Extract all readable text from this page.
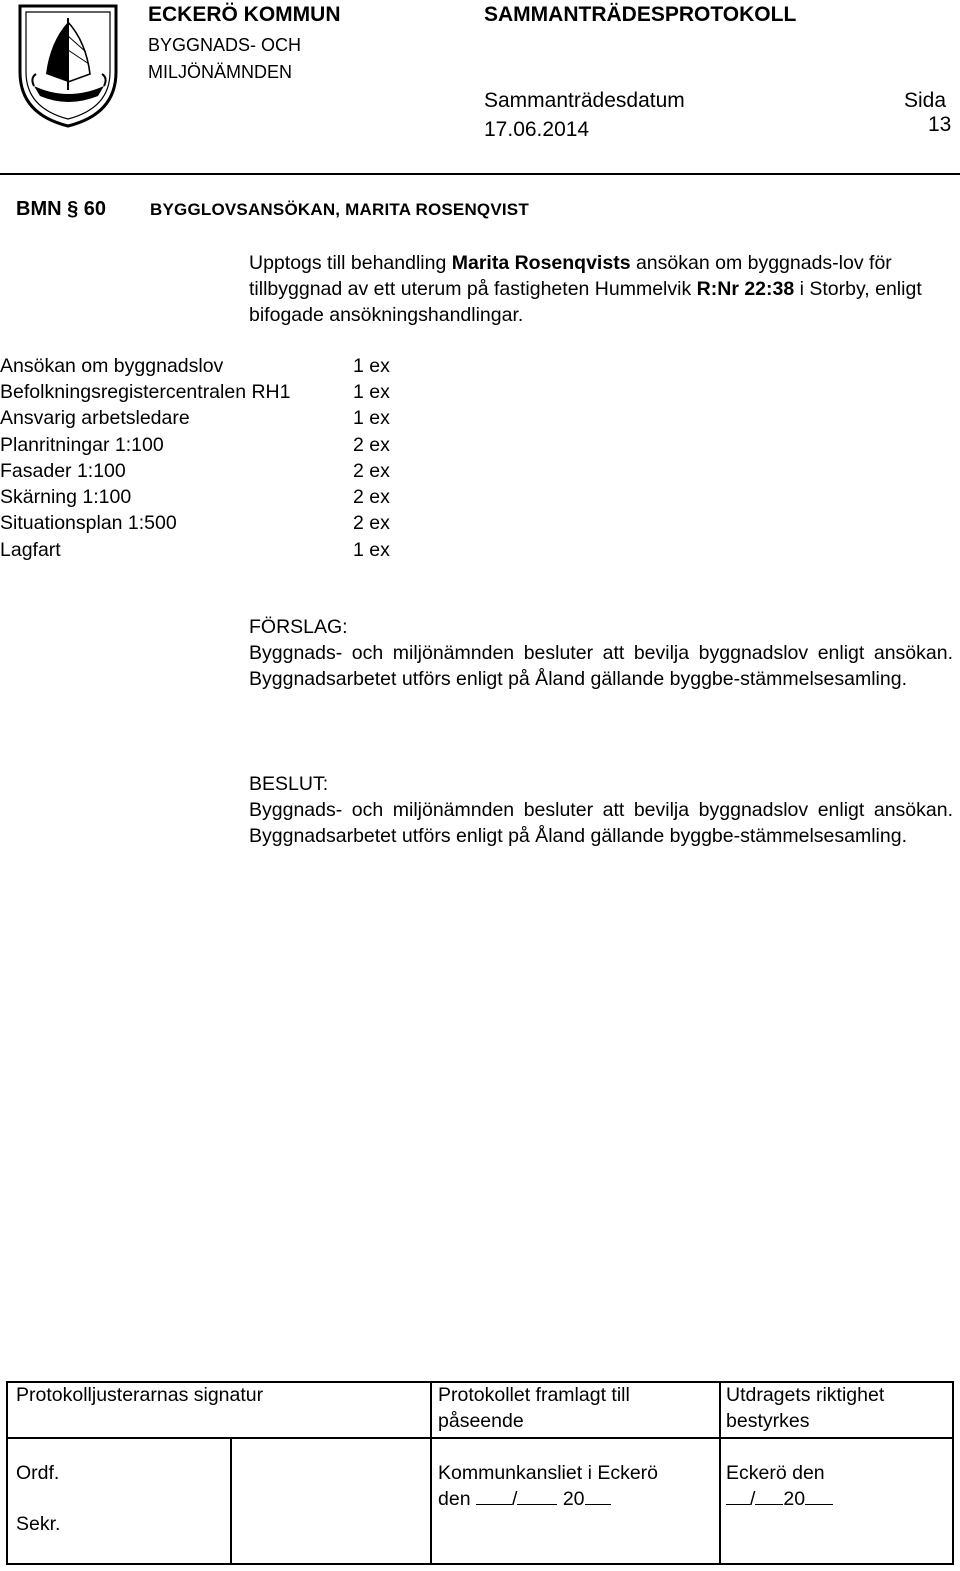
ECKERÖ KOMMUN
BYGGNADS- OCH
MILJÖNÄMNDEN
SAMMANTRÄDESPROTOKOLL
Sammanträdesdatum
17.06.2014
Sida
13
BMN § 60	BYGGLOVSANSÖKAN, MARITA ROSENQVIST
Upptogs till behandling Marita Rosenqvists ansökan om byggnads-lov för tillbyggnad av ett uterum på fastigheten Hummelvik R:Nr 22:38 i Storby, enligt bifogade ansökningshandlingar.
Ansökan om byggnadslov	1 ex
Befolkningsregistercentralen RH1	1 ex
Ansvarig arbetsledare	1 ex
Planritningar 1:100	2 ex
Fasader 1:100	2 ex
Skärning 1:100	2 ex
Situationsplan 1:500	2 ex
Lagfart	1 ex
FÖRSLAG:
Byggnads- och miljönämnden besluter att bevilja byggnadslov enligt ansökan. Byggnadsarbetet utförs enligt på Åland gällande byggbe-stämmelsesamling.
BESLUT:
Byggnads- och miljönämnden besluter att bevilja byggnadslov enligt ansökan. Byggnadsarbetet utförs enligt på Åland gällande byggbe-stämmelsesamling.
Protokolljusterarnas signatur
Ordf.
Sekr.
Protokollet framlagt till påseende
Kommunkansliet i Eckerö
den / 20
Utdragets riktighet bestyrkes
Eckerö den
/ 20
